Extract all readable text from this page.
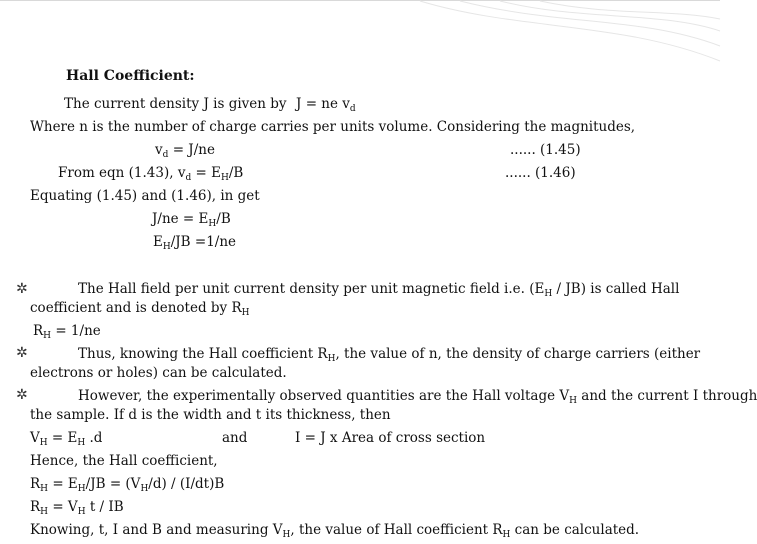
Hall Coefficient:
The current density J is given by J = ne $v_d$
Where n is the number of charge carries per units volume. Considering the magnitudes,
$v_d = J/ne$	...... (1.45)
From eqn (1.43), $v_d = E_H/B$	...... (1.46)
Equating (1.45) and (1.46), in get
$J/ne = E_H/B$
$E_H/JB =1/ne$
✲	The Hall field per unit current density per unit magnetic field i.e. $(E_H / JB)$ is called Hall
coefficient and is denoted by $R_H$
$R_H = 1/ne$
✲	Thus, knowing the Hall coefficient $R_H$, the value of n, the density of charge carriers (either
electrons or holes) can be calculated.
✲	However, the experimentally observed quantities are the Hall voltage $V_H$ and the current I through
the sample. If d is the width and t its thickness, then
$V_H = E_H$ .d	and	I = J x Area of cross section
Hence, the Hall coefficient,
$R_H = E_H/JB = (V_H/d) / (I/dt)B$
$R_H = V_H$ t / IB
Knowing, t, I and B and measuring $V_H$, the value of Hall coefficient $R_H$ can be calculated.
